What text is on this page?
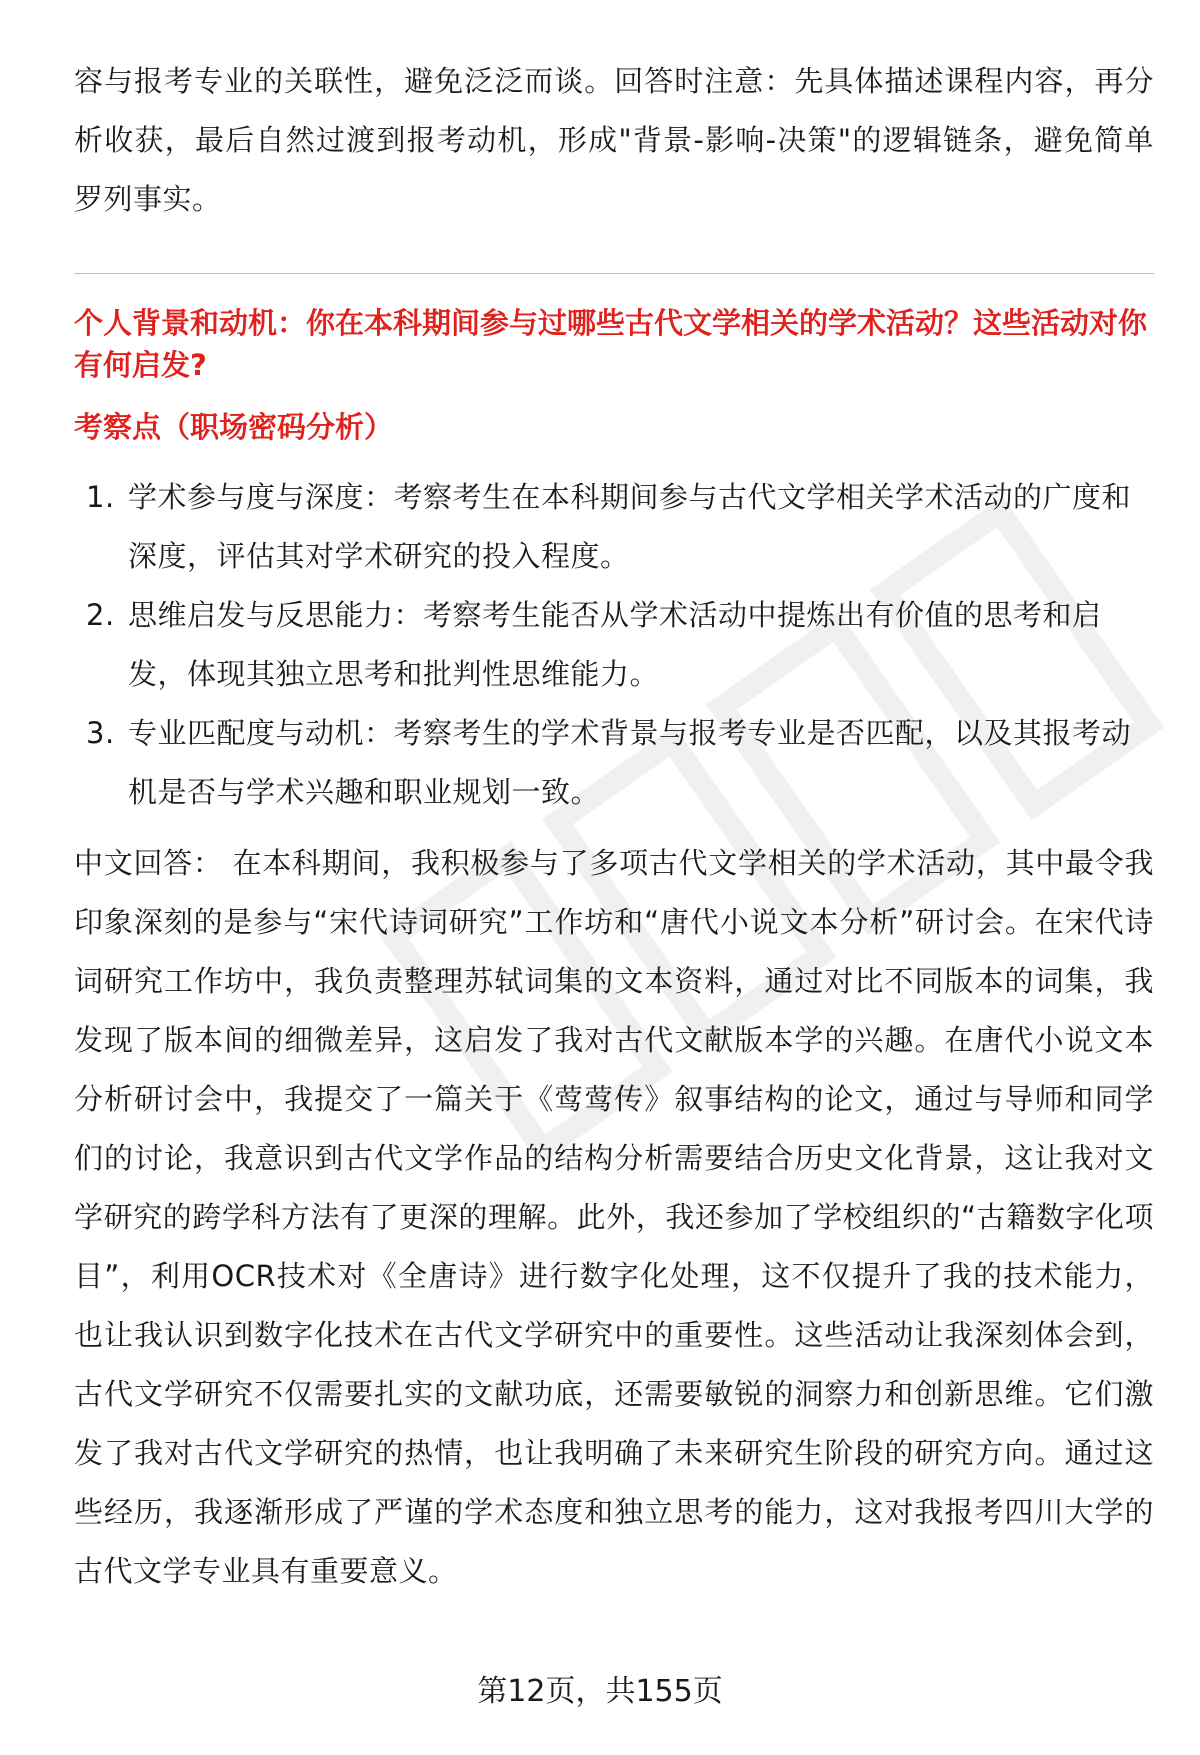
容与报考专业的关联性，避免泛泛而谈。回答时注意：先具体描述课程内容，再分析收获，最后自然过渡到报考动机，形成"背景-影响-决策"的逻辑链条，避免简单罗列事实。

个人背景和动机：你在本科期间参与过哪些古代文学相关的学术活动？这些活动对你有何启发?

考察点（职场密码分析）

1. 学术参与度与深度：考察考生在本科期间参与古代文学相关学术活动的广度和深度，评估其对学术研究的投入程度。
2. 思维启发与反思能力：考察考生能否从学术活动中提炼出有价值的思考和启发，体现其独立思考和批判性思维能力。
3. 专业匹配度与动机：考察考生的学术背景与报考专业是否匹配，以及其报考动机是否与学术兴趣和职业规划一致。

中文回答： 在本科期间，我积极参与了多项古代文学相关的学术活动，其中最令我印象深刻的是参与“宋代诗词研究”工作坊和“唐代小说文本分析”研讨会。在宋代诗词研究工作坊中，我负责整理苏轼词集的文本资料，通过对比不同版本的词集，我发现了版本间的细微差异，这启发了我对古代文献版本学的兴趣。在唐代小说文本分析研讨会中，我提交了一篇关于《莺莺传》叙事结构的论文，通过与导师和同学们的讨论，我意识到古代文学作品的结构分析需要结合历史文化背景，这让我对文学研究的跨学科方法有了更深的理解。此外，我还参加了学校组织的“古籍数字化项目”，利用OCR技术对《全唐诗》进行数字化处理，这不仅提升了我的技术能力，也让我认识到数字化技术在古代文学研究中的重要性。这些活动让我深刻体会到，古代文学研究不仅需要扎实的文献功底，还需要敏锐的洞察力和创新思维。它们激发了我对古代文学研究的热情，也让我明确了未来研究生阶段的研究方向。通过这些经历，我逐渐形成了严谨的学术态度和独立思考的能力，这对我报考四川大学的古代文学专业具有重要意义。

第12页，共155页
